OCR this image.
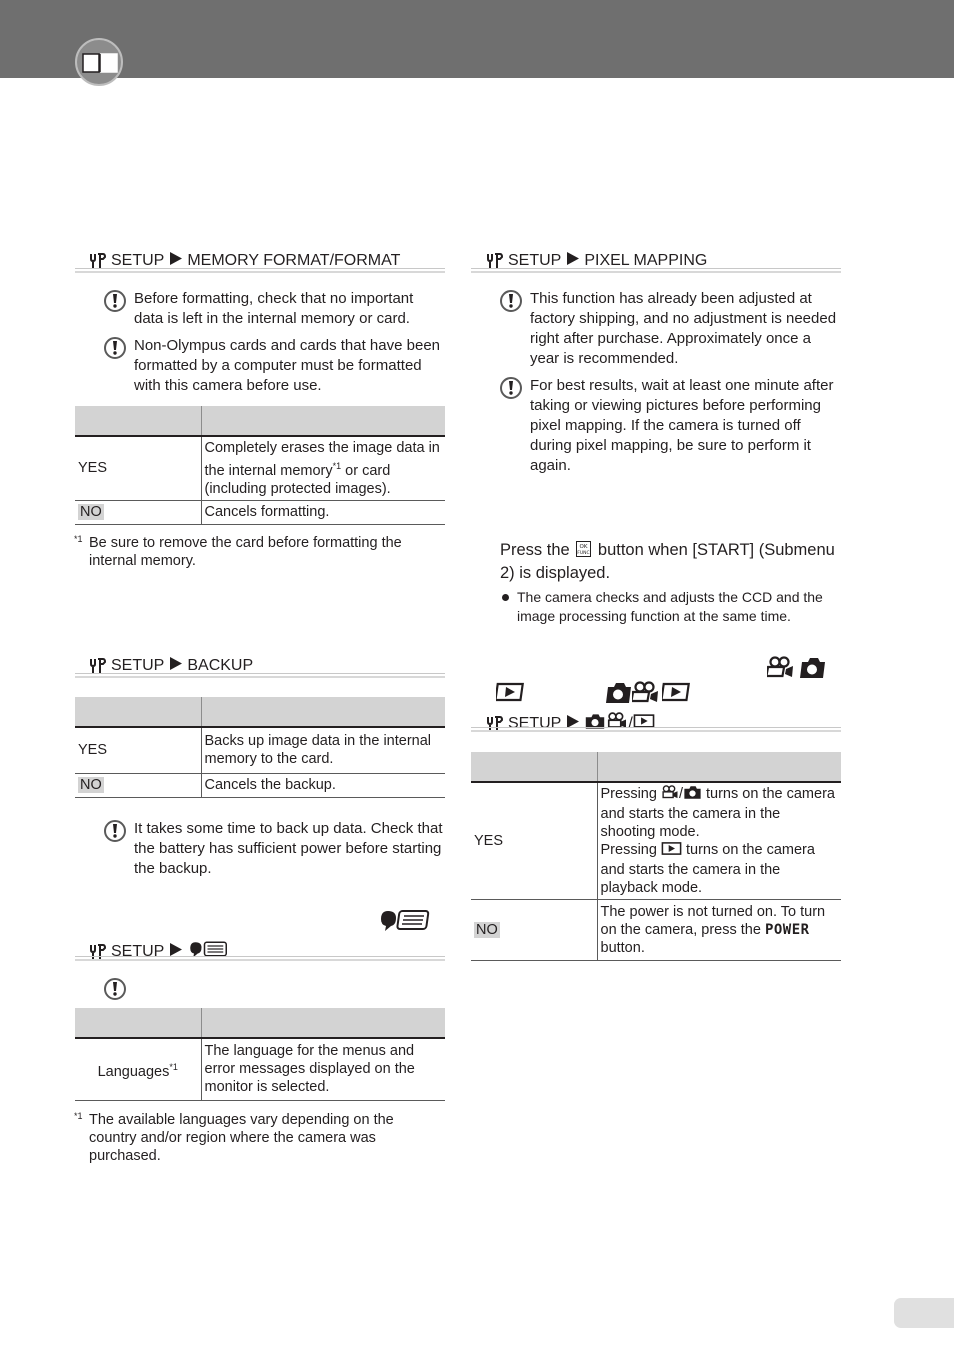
SETUP MEMORY FORMAT/FORMAT
Before formatting, check that no important data is left in the internal memory or card.
Non-Olympus cards and cards that have been formatted by a computer must be formatted with this camera before use.

YES	Completely erases the image data in the internal memory$^{*1}$ or card (including protected images).
NO	Cancels formatting.
*1 Be sure to remove the card before formatting the internal memory.
SETUP BACKUP

YES	Backs up image data in the internal memory to the card.
NO	Cancels the backup.
It takes some time to back up data. Check that the battery has sufficient power before starting the backup.
SETUP

Languages$^{*1}$	The language for the menus and error messages displayed on the monitor is selected.
*1 The available languages vary depending on the country and/or region where the camera was purchased.
SETUP PIXEL MAPPING
This function has already been adjusted at factory shipping, and no adjustment is needed right after purchase. Approximately once a year is recommended.
For best results, wait at least one minute after taking or viewing pictures before performing pixel mapping. If the camera is turned off during pixel mapping, be sure to perform it again.
Press the OK
FUNC button when [START] (Submenu 2) is displayed.
The camera checks and adjusts the CCD and the image processing function at the same time.
SETUP	/

YES	Pressing / turns on the camera and starts the camera in the shooting mode.
Pressing turns on the camera and starts the camera in the playback mode.
NO	The power is not turned on. To turn on the camera, press the POWER button.
